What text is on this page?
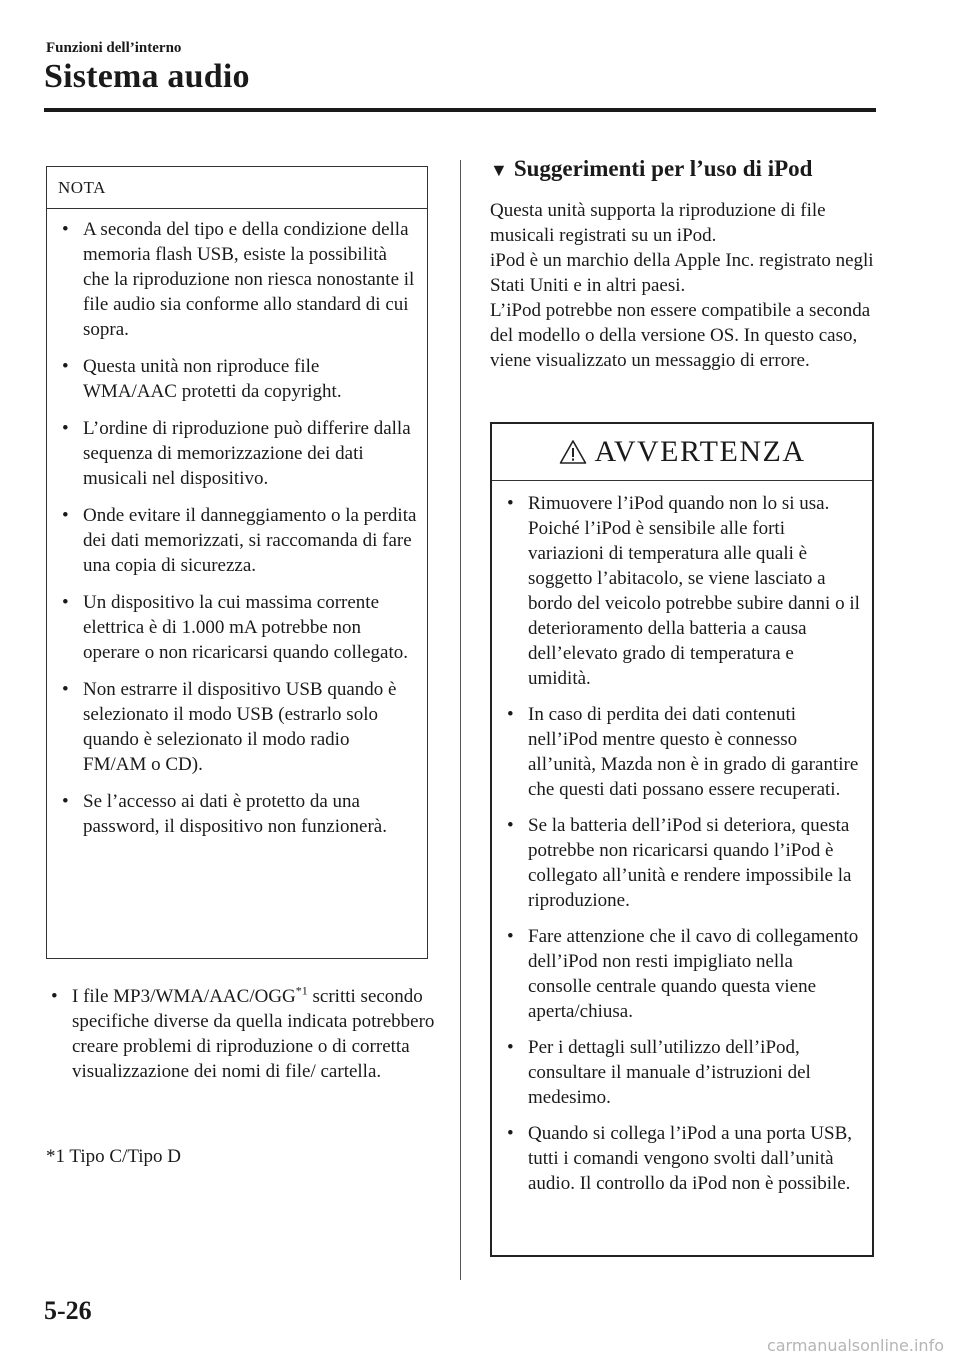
Funzioni dell’interno
Sistema audio
NOTA
• A seconda del tipo e della condizione della memoria flash USB, esiste la possibilità che la riproduzione non riesca nonostante il file audio sia conforme allo standard di cui sopra.
• Questa unità non riproduce file WMA/AAC protetti da copyright.
• L’ordine di riproduzione può differire dalla sequenza di memorizzazione dei dati musicali nel dispositivo.
• Onde evitare il danneggiamento o la perdita dei dati memorizzati, si raccomanda di fare una copia di sicurezza.
• Un dispositivo la cui massima corrente elettrica è di 1.000 mA potrebbe non operare o non ricaricarsi quando collegato.
• Non estrarre il dispositivo USB quando è selezionato il modo USB (estrarlo solo quando è selezionato il modo radio FM/AM o CD).
• Se l’accesso ai dati è protetto da una password, il dispositivo non funzionerà.
• I file MP3/WMA/AAC/OGG$^{*1}$ scritti secondo specifiche diverse da quella indicata potrebbero creare problemi di riproduzione o di corretta visualizzazione dei nomi di file/ cartella.
*1 Tipo C/Tipo D
▼ Suggerimenti per l’uso di iPod

Questa unità supporta la riproduzione di file musicali registrati su un iPod.
iPod è un marchio della Apple Inc. registrato negli Stati Uniti e in altri paesi.
L’iPod potrebbe non essere compatibile a seconda del modello o della versione OS. In questo caso, viene visualizzato un messaggio di errore.

AVVERTENZA
• Rimuovere l’iPod quando non lo si usa. Poiché l’iPod è sensibile alle forti variazioni di temperatura alle quali è soggetto l’abitacolo, se viene lasciato a bordo del veicolo potrebbe subire danni o il deterioramento della batteria a causa dell’elevato grado di temperatura e umidità.
• In caso di perdita dei dati contenuti nell’iPod mentre questo è connesso all’unità, Mazda non è in grado di garantire che questi dati possano essere recuperati.
• Se la batteria dell’iPod si deteriora, questa potrebbe non ricaricarsi quando l’iPod è collegato all’unità e rendere impossibile la riproduzione.
• Fare attenzione che il cavo di collegamento dell’iPod non resti impigliato nella consolle centrale quando questa viene aperta/chiusa.
• Per i dettagli sull’utilizzo dell’iPod, consultare il manuale d’istruzioni del medesimo.
• Quando si collega l’iPod a una porta USB, tutti i comandi vengono svolti dall’unità audio. Il controllo da iPod non è possibile.
5-26
carmanualsonline.info
